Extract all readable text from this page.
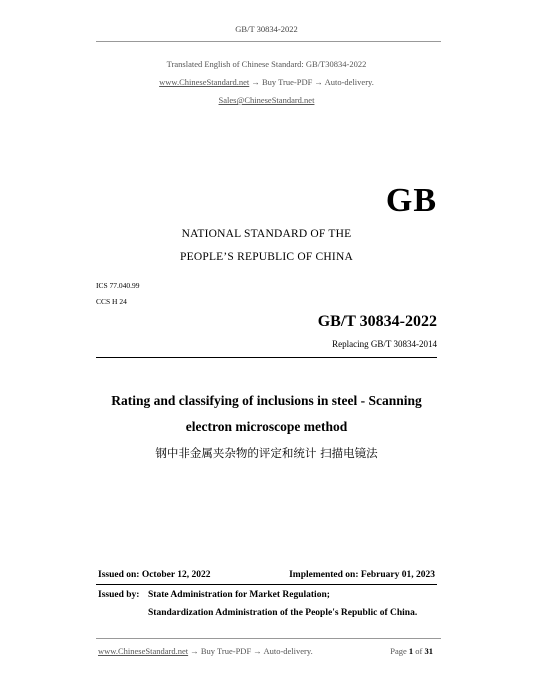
GB/T 30834-2022
Translated English of Chinese Standard: GB/T30834-2022
www.ChineseStandard.net → Buy True-PDF → Auto-delivery.
Sales@ChineseStandard.net
GB
NATIONAL STANDARD OF THE
PEOPLE’S REPUBLIC OF CHINA
ICS 77.040.99
CCS H 24
GB/T 30834-2022
Replacing GB/T 30834-2014
Rating and classifying of inclusions in steel - Scanning
electron microscope method
钢中非金属夹杂物的评定和统计 扫描电镜法
Issued on: October 12, 2022	Implemented on: February 01, 2023
Issued by: State Administration for Market Regulation;
Standardization Administration of the People's Republic of China.
www.ChineseStandard.net → Buy True-PDF → Auto-delivery.	Page 1 of 31
